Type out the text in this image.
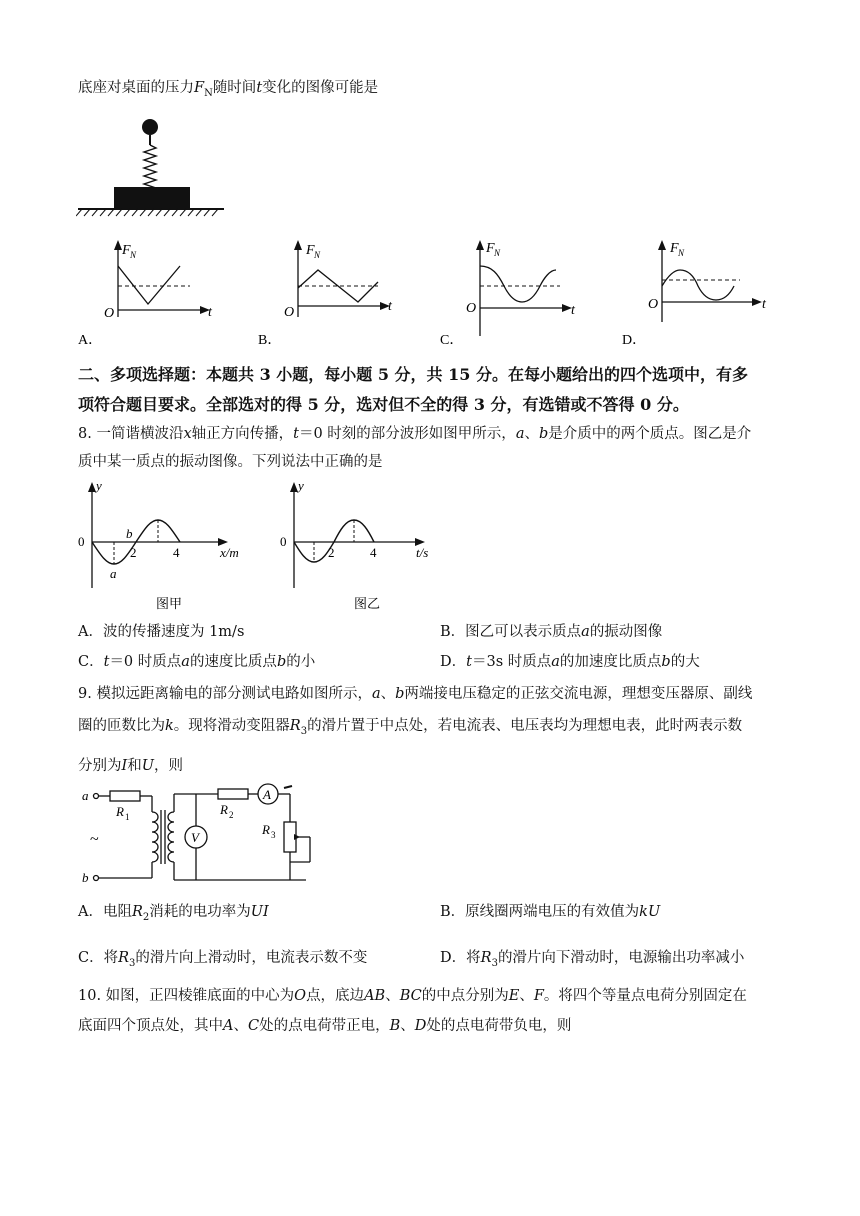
底座对桌面的压力$F_N$随时间t变化的图像可能是
F N
O	t
A．
F N
O	t
B．
F N
O	t
C．
F N
O	t
D．
二、多项选择题：本题共 3 小题，每小题 5 分，共 15 分。在每小题给出的四个选项中，有多
项符合题目要求。全部选对的得 5 分，选对但不全的得 3 分，有选错或不答得 0 分。
8. 一简谐横波沿x轴正方向传播，t＝0 时刻的部分波形如图甲所示，a、b是介质中的两个质点。图乙是介
质中某一质点的振动图像。下列说法中正确的是
y
0
2	4	x/m
a
b
图甲
y
0
2	4	t/s
图乙
A．波的传播速度为 1m/s	B．图乙可以表示质点a的振动图像
C．t＝0 时质点a的速度比质点b的小	D．t＝3s 时质点a的加速度比质点b的大
9. 模拟远距离输电的部分测试电路如图所示，a、b两端接电压稳定的正弦交流电源，理想变压器原、副线
圈的匝数比为k。现将滑动变阻器$R_3$的滑片置于中点处，若电流表、电压表均为理想电表，此时两表示数
分别为I和U，则
a
b
R 1	R 2
R 3
V
A
~
A．电阻$R_2$消耗的电功率为UI	B．原线圈两端电压的有效值为kU
C．将$R_3$的滑片向上滑动时，电流表示数不变	D．将$R_3$的滑片向下滑动时，电源输出功率减小
10. 如图，正四棱锥底面的中心为O点，底边AB、BC的中点分别为E、F。将四个等量点电荷分别固定在
底面四个顶点处，其中A、C处的点电荷带正电，B、D处的点电荷带负电，则
